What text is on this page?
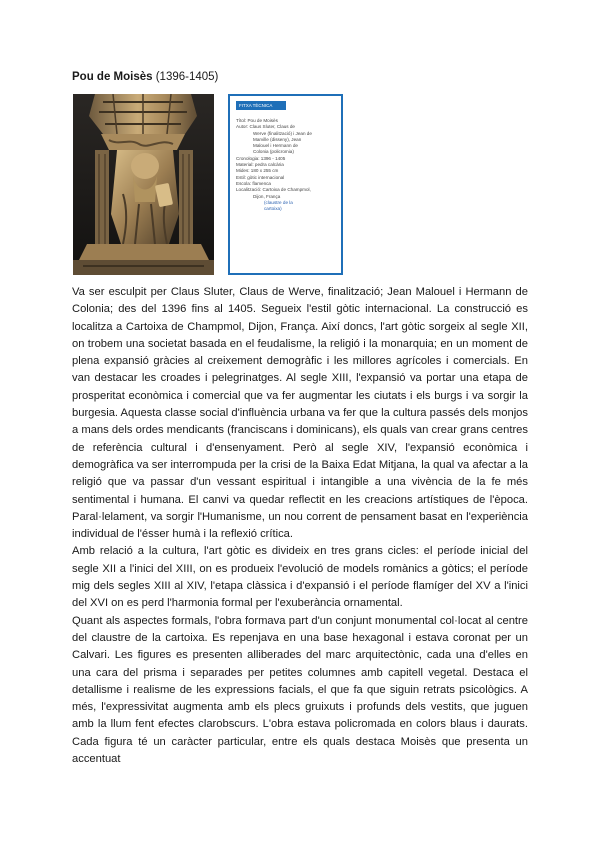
Pou de Moisès (1396-1405)
FITXA TÈCNICA
Títol: Pou de Moisès
Autor: Claus Sluter, Claus de
Werve (finalització) i Jean de
Marville (disseny), Jean
Malouel i Hermann de
Colonia (policromia)
Cronologia: 1396 - 1405
Material: pedra calcària
Mides: 180 x 255 cm
Estil: gòtic internacional
Escola: flamenca
Localització: Cartoixa de Champmol,
Dijon, França
(claustre de la
cartoixa)

Va ser esculpit per Claus Sluter, Claus de Werve, finalització; Jean Malouel i Hermann de Colonia; des del 1396 fins al 1405. Segueix l'estil gòtic internacional. La construcció es localitza a Cartoixa de Champmol, Dijon, França. Així doncs, l'art gòtic sorgeix al segle XII, on trobem una societat basada en el feudalisme, la religió i la monarquia; en un moment de plena expansió gràcies al creixement demogràfic i les millores agrícoles i comercials. En van destacar les croades i pelegrinatges. Al segle XIII, l'expansió va portar una etapa de prosperitat econòmica i comercial que va fer augmentar les ciutats i els burgs i va sorgir la burgesia. Aquesta classe social d'influència urbana va fer que la cultura passés dels monjos a mans dels ordes mendicants (franciscans i dominicans), els quals van crear grans centres de referència cultural i d'ensenyament. Però al segle XIV, l'expansió econòmica i demogràfica va ser interrompuda per la crisi de la Baixa Edat Mitjana, la qual va afectar a la religió que va passar d'un vessant espiritual i intangible a una vivència de la fe més sentimental i humana. El canvi va quedar reflectit en les creacions artístiques de l'època. Paral·lelament, va sorgir l'Humanisme, un nou corrent de pensament basat en l'experiència individual de l'ésser humà i la reflexió crítica.

Amb relació a la cultura, l'art gòtic es divideix en tres grans cicles: el període inicial del segle XII a l'inici del XIII, on es produeix l'evolució de models romànics a gòtics; el període mig dels segles XIII al XIV, l'etapa clàssica i d'expansió i el període flamíger del XV a l'inici del XVI on es perd l'harmonia formal per l'exuberància ornamental.

Quant als aspectes formals, l'obra formava part d'un conjunt monumental col·locat al centre del claustre de la cartoixa. Es repenjava en una base hexagonal i estava coronat per un Calvari. Les figures es presenten alliberades del marc arquitectònic, cada una d'elles en una cara del prisma i separades per petites columnes amb capitell vegetal. Destaca el detallisme i realisme de les expressions facials, el que fa que siguin retrats psicològics. A més, l'expressivitat augmenta amb els plecs gruixuts i profunds dels vestits, que juguen amb la llum fent efectes clarobscurs. L'obra estava policromada en colors blaus i daurats. Cada figura té un caràcter particular, entre els quals destaca Moisès que presenta un accentuat
